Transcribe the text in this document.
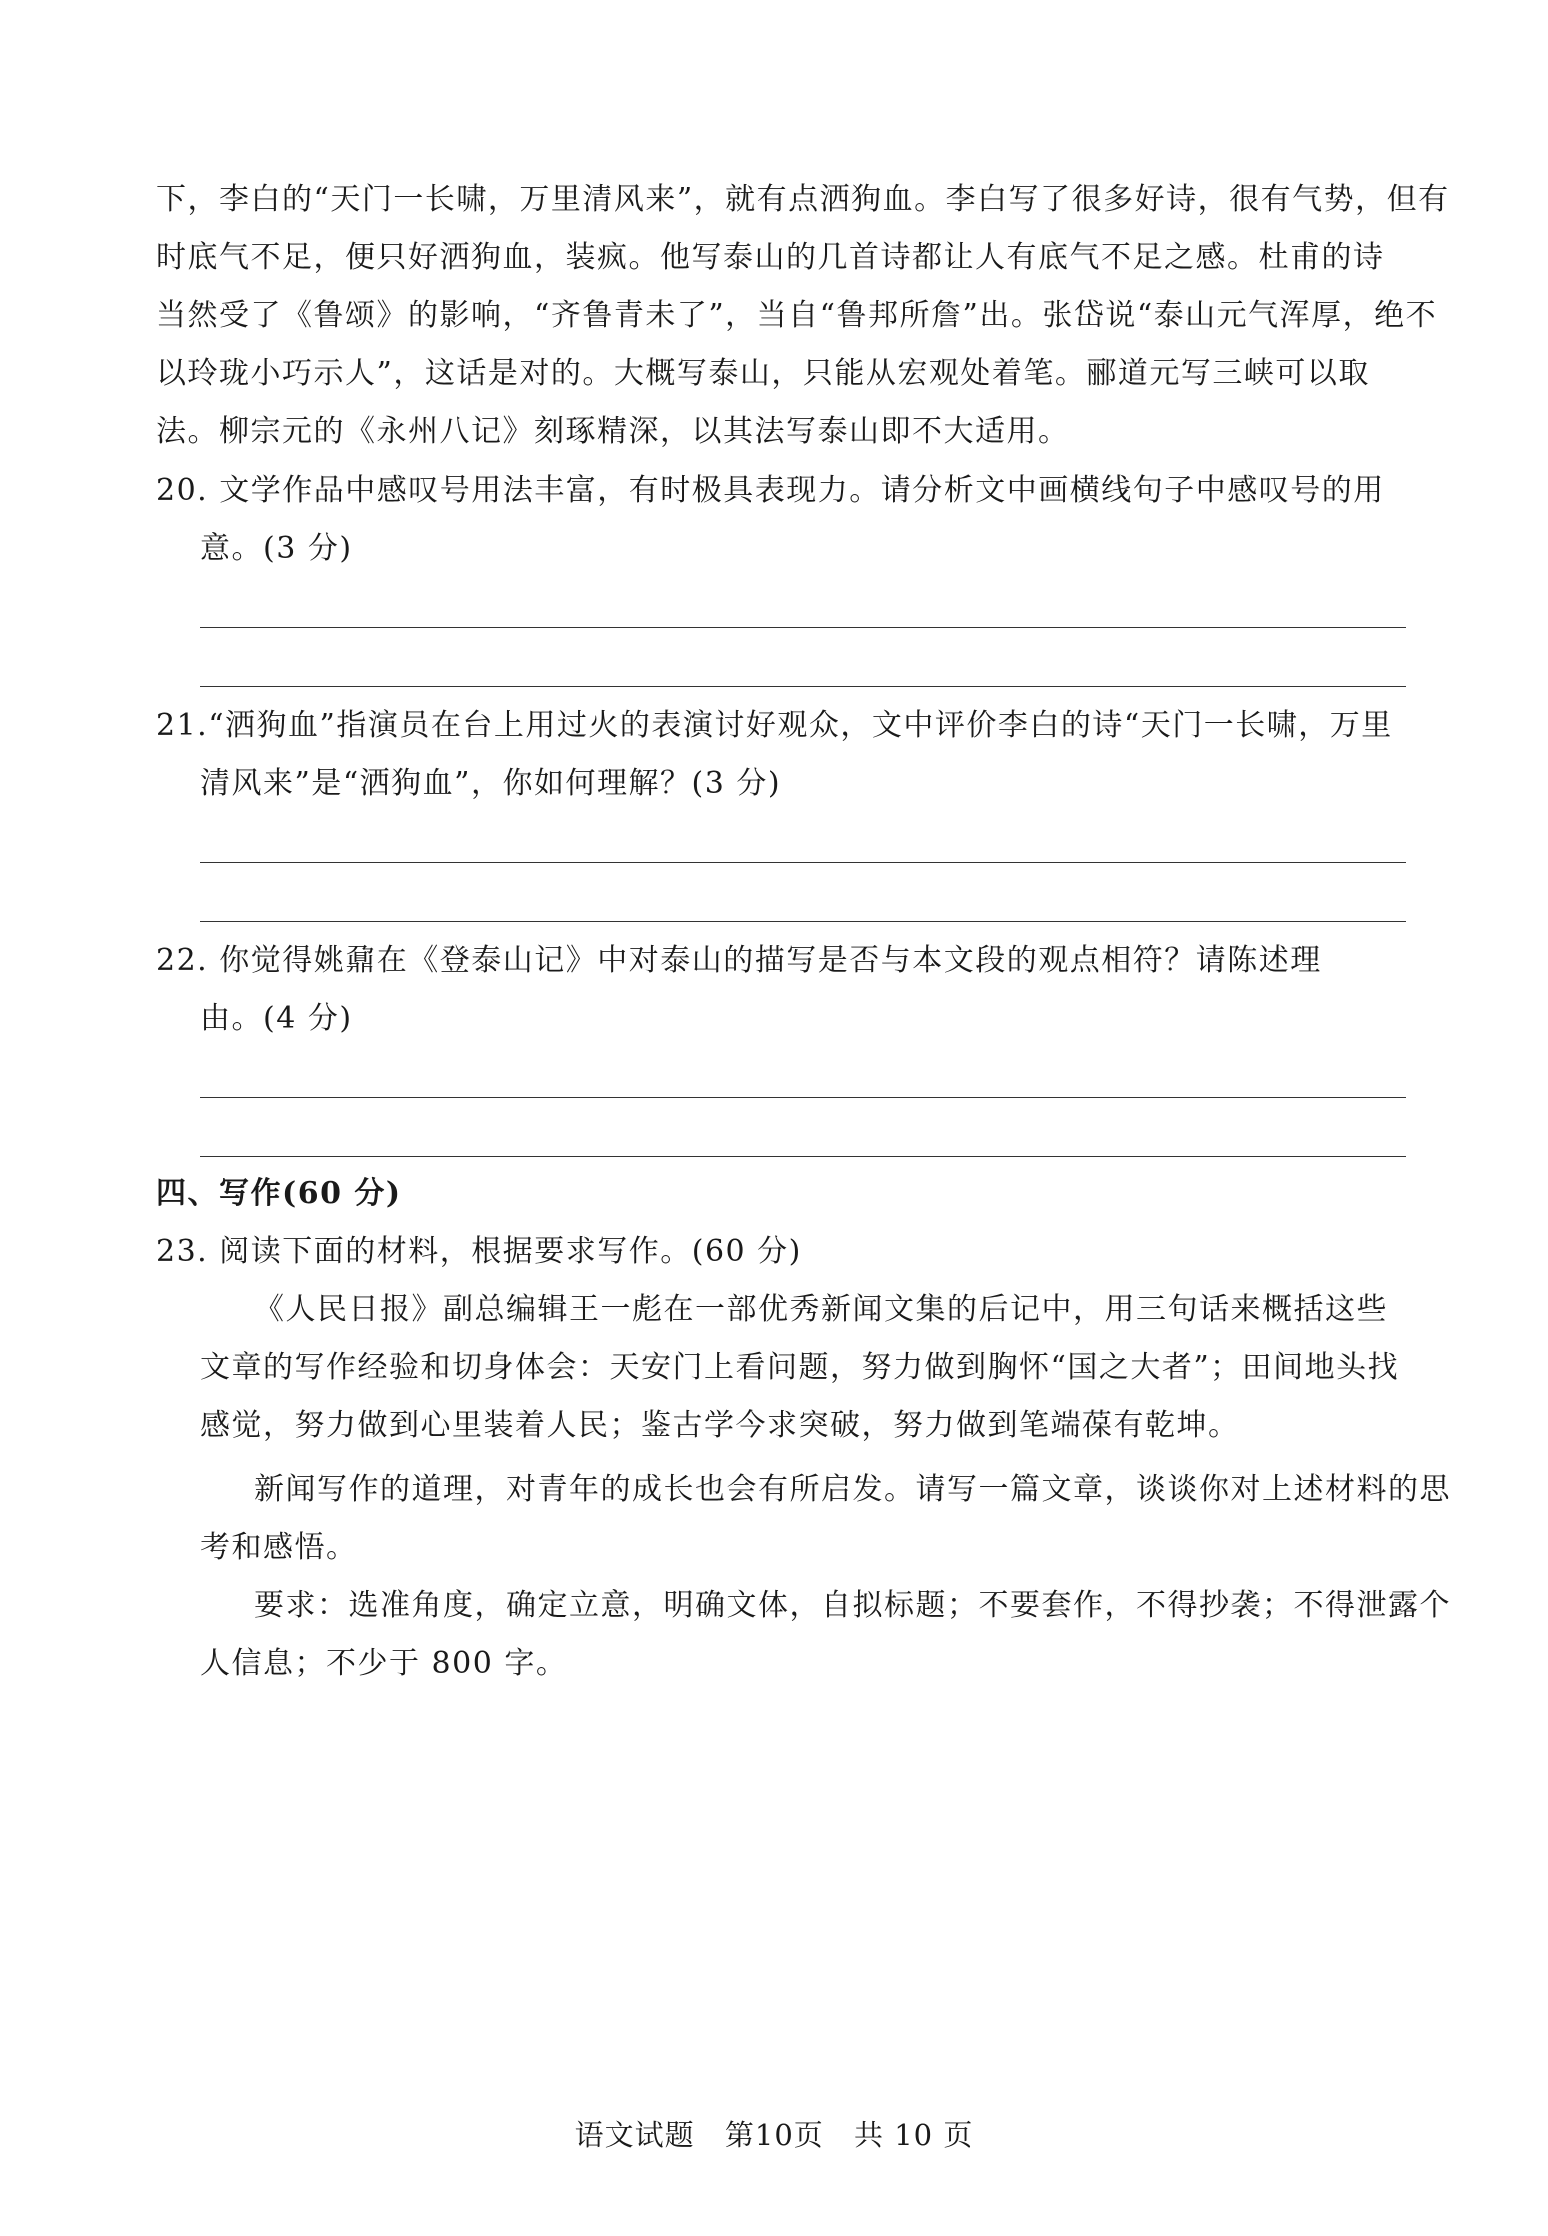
下，李白的“天门一长啸，万里清风来”，就有点洒狗血。李白写了很多好诗，很有气势，但有
时底气不足，便只好洒狗血，装疯。他写泰山的几首诗都让人有底气不足之感。杜甫的诗
当然受了《鲁颂》的影响，“齐鲁青未了”，当自“鲁邦所詹”出。张岱说“泰山元气浑厚，绝不
以玲珑小巧示人”，这话是对的。大概写泰山，只能从宏观处着笔。郦道元写三峡可以取
法。柳宗元的《永州八记》刻琢精深，以其法写泰山即不大适用。
20. 文学作品中感叹号用法丰富，有时极具表现力。请分析文中画横线句子中感叹号的用
意。(3 分)
21.“洒狗血”指演员在台上用过火的表演讨好观众，文中评价李白的诗“天门一长啸，万里
清风来”是“洒狗血”，你如何理解？(3 分)
22. 你觉得姚鼐在《登泰山记》中对泰山的描写是否与本文段的观点相符？请陈述理
由。(4 分)
四、写作(60 分)
23. 阅读下面的材料，根据要求写作。(60 分)
《人民日报》副总编辑王一彪在一部优秀新闻文集的后记中，用三句话来概括这些
文章的写作经验和切身体会：天安门上看问题，努力做到胸怀“国之大者”；田间地头找
感觉，努力做到心里装着人民；鉴古学今求突破，努力做到笔端葆有乾坤。
新闻写作的道理，对青年的成长也会有所启发。请写一篇文章，谈谈你对上述材料的思
考和感悟。
要求：选准角度，确定立意，明确文体，自拟标题；不要套作，不得抄袭；不得泄露个
人信息；不少于 800 字。
语文试题 第10页 共 10 页
